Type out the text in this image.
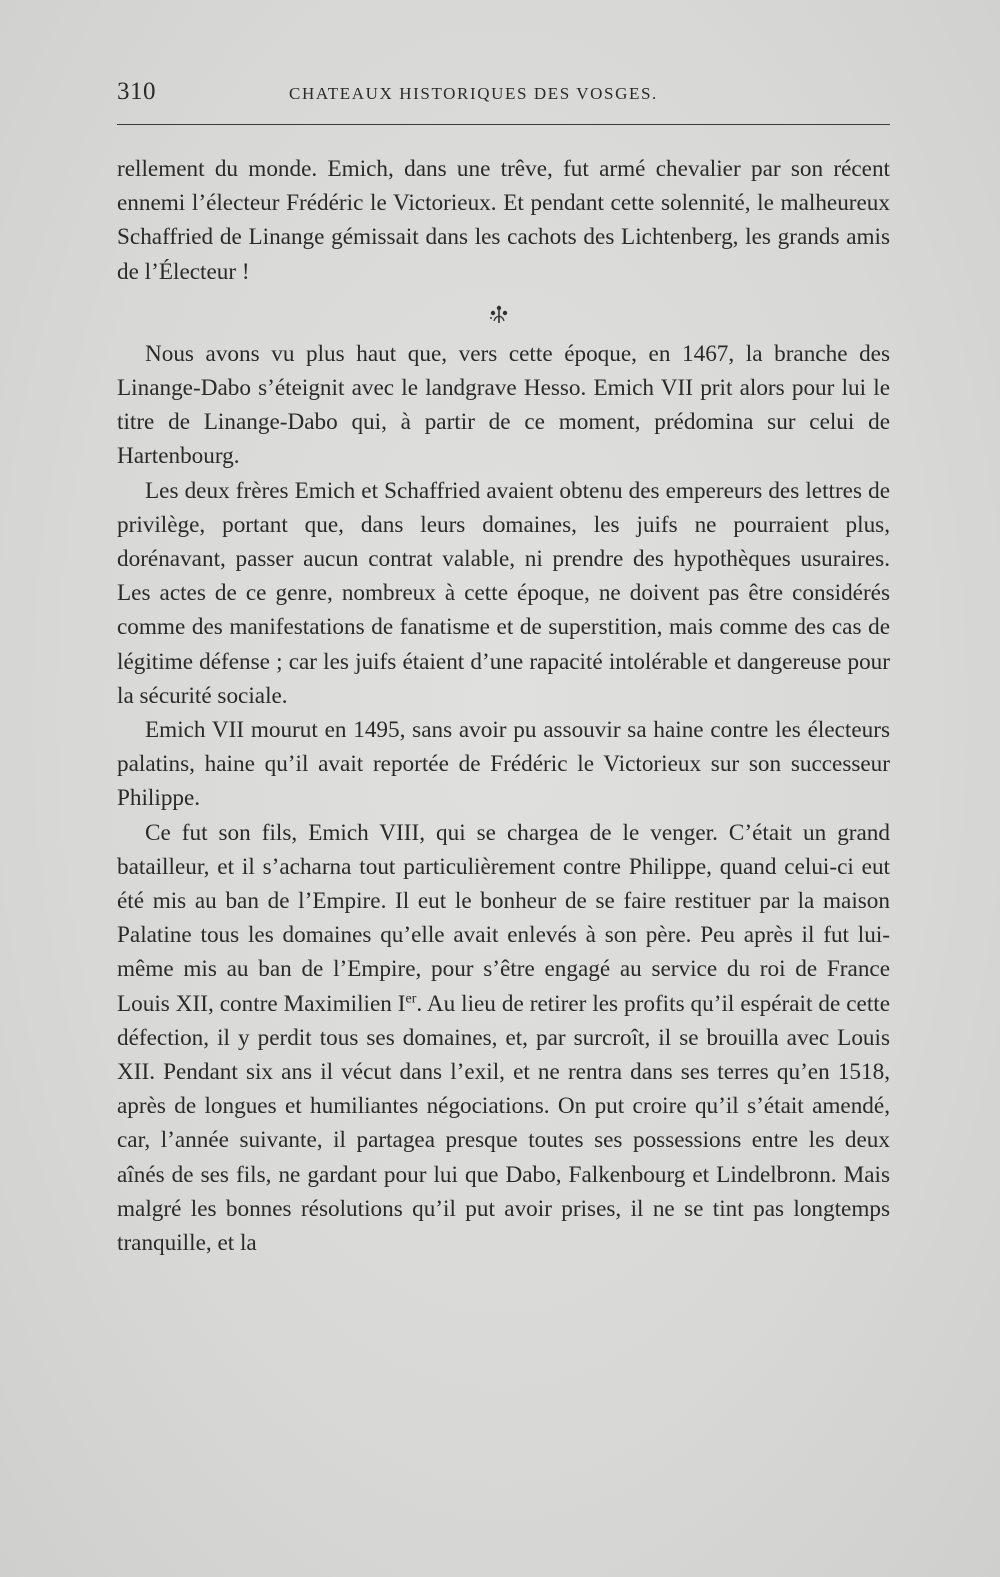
310	CHATEAUX HISTORIQUES DES VOSGES.

rellement du monde. Emich, dans une trêve, fut armé chevalier par son récent ennemi l’électeur Frédéric le Victorieux. Et pendant cette solennité, le malheureux Schaffried de Linange gémissait dans les cachots des Lichtenberg, les grands amis de l’Électeur !

Nous avons vu plus haut que, vers cette époque, en 1467, la branche des Linange-Dabo s’éteignit avec le landgrave Hesso. Emich VII prit alors pour lui le titre de Linange-Dabo qui, à partir de ce moment, prédomina sur celui de Hartenbourg.

Les deux frères Emich et Schaffried avaient obtenu des empereurs des lettres de privilège, portant que, dans leurs domaines, les juifs ne pourraient plus, dorénavant, passer aucun contrat valable, ni prendre des hypothèques usuraires. Les actes de ce genre, nombreux à cette époque, ne doivent pas être considérés comme des manifestations de fanatisme et de superstition, mais comme des cas de légitime défense ; car les juifs étaient d’une rapacité intolérable et dangereuse pour la sécurité sociale.

Emich VII mourut en 1495, sans avoir pu assouvir sa haine contre les électeurs palatins, haine qu’il avait reportée de Frédéric le Victorieux sur son successeur Philippe.

Ce fut son fils, Emich VIII, qui se chargea de le venger. C’était un grand batailleur, et il s’acharna tout particulièrement contre Philippe, quand celui-ci eut été mis au ban de l’Empire. Il eut le bonheur de se faire restituer par la maison Palatine tous les domaines qu’elle avait enlevés à son père. Peu après il fut lui-même mis au ban de l’Empire, pour s’être engagé au service du roi de France Louis XII, contre Maximilien Ier. Au lieu de retirer les profits qu’il espérait de cette défection, il y perdit tous ses domaines, et, par surcroît, il se brouilla avec Louis XII. Pendant six ans il vécut dans l’exil, et ne rentra dans ses terres qu’en 1518, après de longues et humiliantes négociations. On put croire qu’il s’était amendé, car, l’année suivante, il partagea presque toutes ses possessions entre les deux aînés de ses fils, ne gardant pour lui que Dabo, Falkenbourg et Lindelbronn. Mais malgré les bonnes résolutions qu’il put avoir prises, il ne se tint pas longtemps tranquille, et la
